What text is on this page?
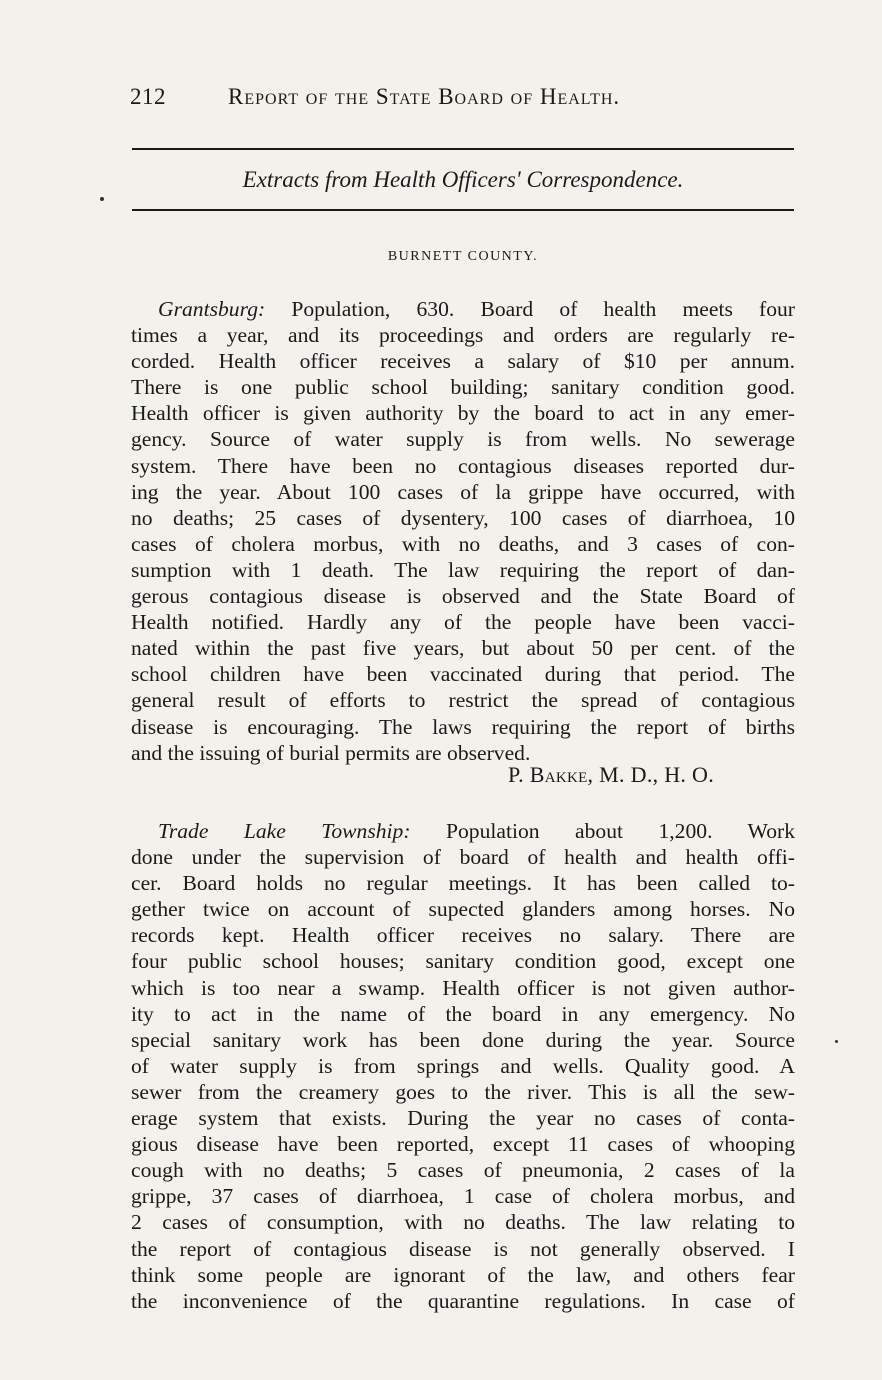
212	Report of the State Board of Health.
Extracts from Health Officers' Correspondence.
BURNETT COUNTY.
Grantsburg: Population, 630. Board of health meets four
times a year, and its proceedings and orders are regularly re-
corded. Health officer receives a salary of $10 per annum.
There is one public school building; sanitary condition good.
Health officer is given authority by the board to act in any emer-
gency. Source of water supply is from wells. No sewerage
system. There have been no contagious diseases reported dur-
ing the year. About 100 cases of la grippe have occurred, with
no deaths; 25 cases of dysentery, 100 cases of diarrhoea, 10
cases of cholera morbus, with no deaths, and 3 cases of con-
sumption with 1 death. The law requiring the report of dan-
gerous contagious disease is observed and the State Board of
Health notified. Hardly any of the people have been vacci-
nated within the past five years, but about 50 per cent. of the
school children have been vaccinated during that period. The
general result of efforts to restrict the spread of contagious
disease is encouraging. The laws requiring the report of births
and the issuing of burial permits are observed.
P. Bakke, M. D., H. O.
Trade Lake Township: Population about 1,200. Work
done under the supervision of board of health and health offi-
cer. Board holds no regular meetings. It has been called to-
gether twice on account of supected glanders among horses. No
records kept. Health officer receives no salary. There are
four public school houses; sanitary condition good, except one
which is too near a swamp. Health officer is not given author-
ity to act in the name of the board in any emergency. No
special sanitary work has been done during the year. Source
of water supply is from springs and wells. Quality good. A
sewer from the creamery goes to the river. This is all the sew-
erage system that exists. During the year no cases of conta-
gious disease have been reported, except 11 cases of whooping
cough with no deaths; 5 cases of pneumonia, 2 cases of la
grippe, 37 cases of diarrhoea, 1 case of cholera morbus, and
2 cases of consumption, with no deaths. The law relating to
the report of contagious disease is not generally observed. I
think some people are ignorant of the law, and others fear
the inconvenience of the quarantine regulations. In case of
